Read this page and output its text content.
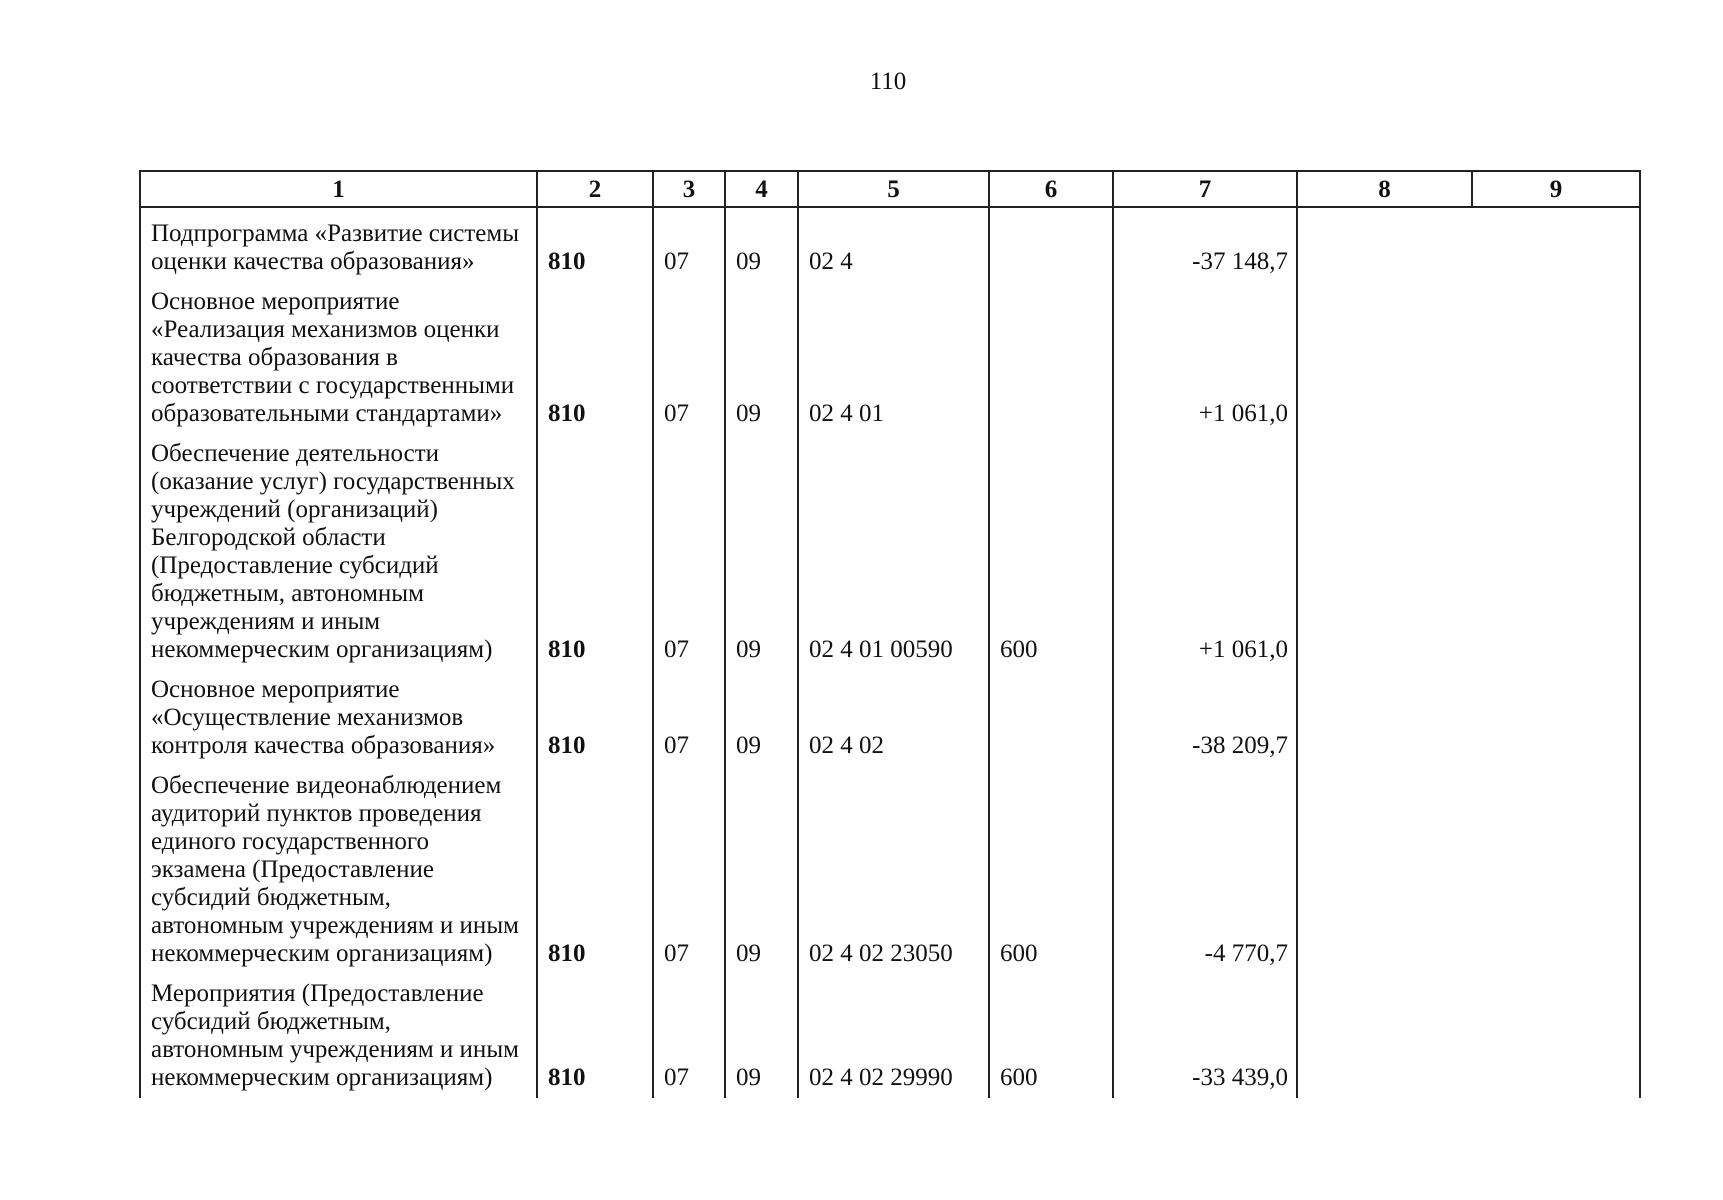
110
1	2	3	4	5	6	7	8	9
Подпрограмма «Развитие системы оценки качества образования»	810	07	09	02 4		-37 148,7		
Основное мероприятие «Реализация механизмов оценки качества образования в соответствии с государственными образовательными стандартами»	810	07	09	02 4 01		+1 061,0		
Обеспечение деятельности (оказание услуг) государственных учреждений (организаций) Белгородской области (Предоставление субсидий бюджетным, автономным учреждениям и иным некоммерческим организациям)	810	07	09	02 4 01 00590	600	+1 061,0		
Основное мероприятие «Осуществление механизмов контроля качества образования»	810	07	09	02 4 02		-38 209,7		
Обеспечение видеонаблюдением аудиторий пунктов проведения единого государственного экзамена (Предоставление субсидий бюджетным, автономным учреждениям и иным некоммерческим организациям)	810	07	09	02 4 02 23050	600	-4 770,7		
Мероприятия (Предоставление субсидий бюджетным, автономным учреждениям и иным некоммерческим организациям)	810	07	09	02 4 02 29990	600	-33 439,0		
